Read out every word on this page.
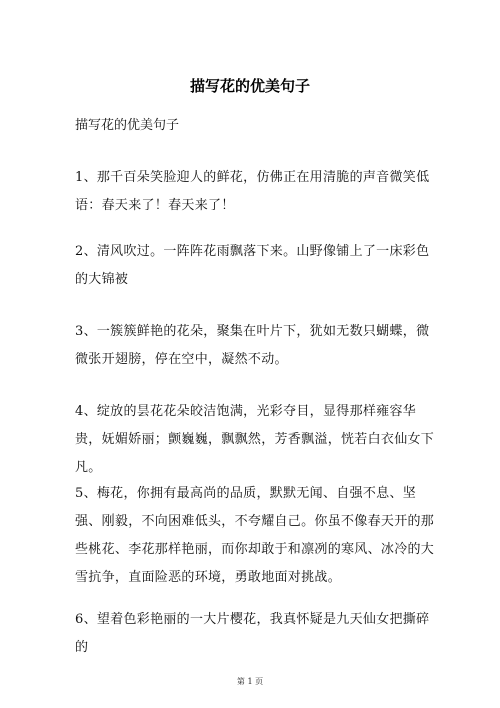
描写花的优美句子
描写花的优美句子

1、那千百朵笑脸迎人的鲜花，仿佛正在用清脆的声音微笑低语：春天来了！春天来了！

2、清风吹过。一阵阵花雨飘落下来。山野像铺上了一床彩色的大锦被

3、一簇簇鲜艳的花朵，聚集在叶片下，犹如无数只蝴蝶，微微张开翅膀，停在空中，凝然不动。

4、绽放的昙花花朵皎洁饱满，光彩夺目，显得那样雍容华贵，妩媚娇丽；颤巍巍，飘飘然，芳香飘溢，恍若白衣仙女下凡。

5、梅花，你拥有最高尚的品质，默默无闻、自强不息、坚强、刚毅，不向困难低头，不夸耀自己。你虽不像春天开的那些桃花、李花那样艳丽，而你却敢于和凛冽的寒风、冰冷的大雪抗争，直面险恶的环境，勇敢地面对挑战。

6、望着色彩艳丽的一大片樱花，我真怀疑是九天仙女把撕碎的

第 1 页
